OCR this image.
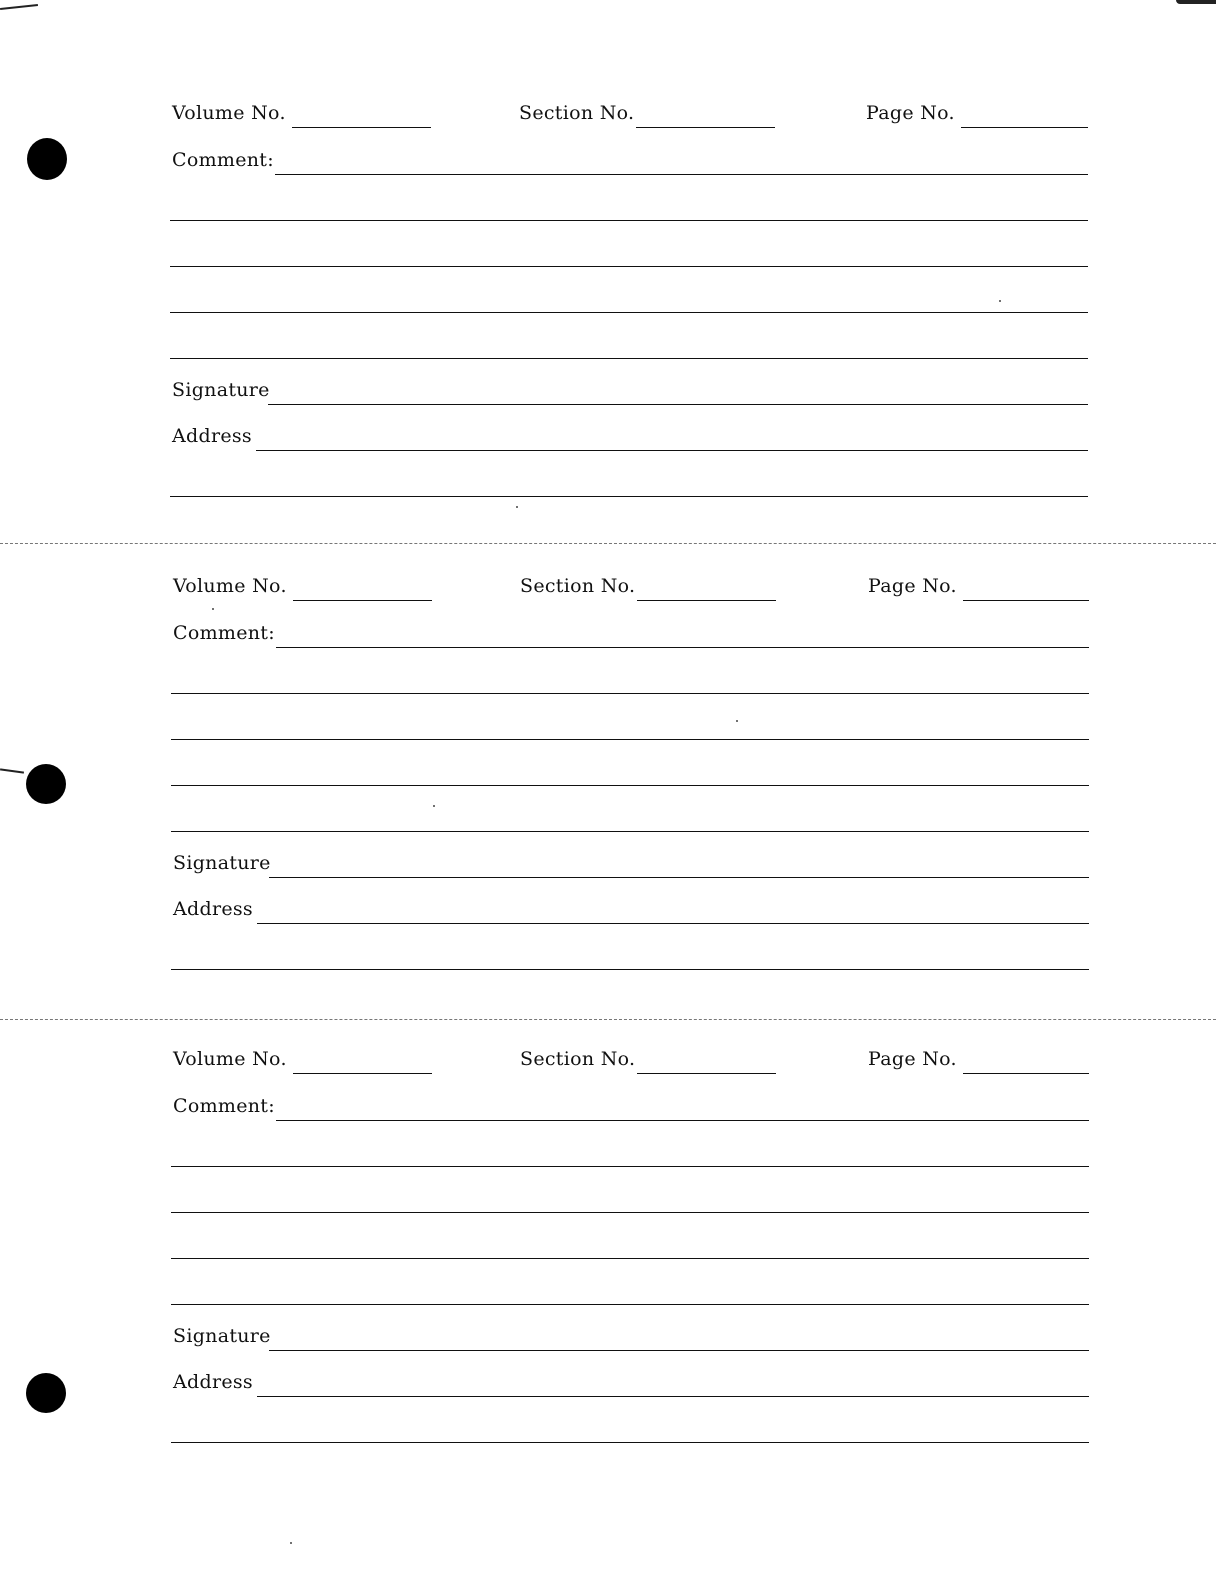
Volume No.	Section No.	Page No.
Comment:
Signature
Address
Volume No.	Section No.	Page No.
Comment:
Signature
Address
Volume No.	Section No.	Page No.
Comment:
Signature
Address
